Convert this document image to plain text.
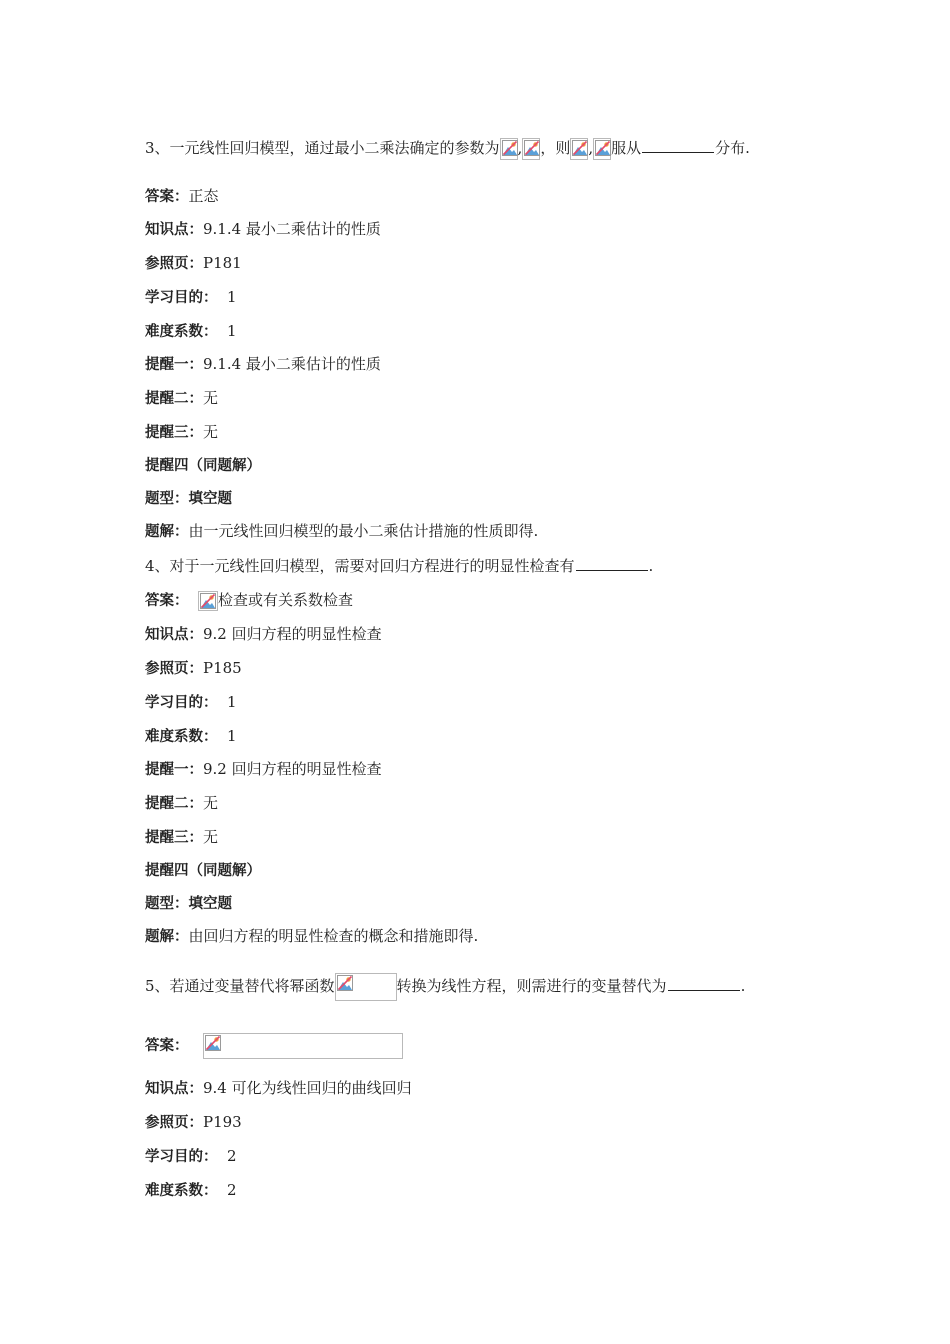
3、一元线性回归模型，通过最小二乘法确定的参数为 , ，则 , 服从	分布.
答案：正态
知识点：9.1.4 最小二乘估计的性质
参照页：P181
学习目的： 1
难度系数： 1
提醒一：9.1.4 最小二乘估计的性质
提醒二：无
提醒三：无
提醒四（同题解）
题型：填空题
题解：由一元线性回归模型的最小二乘估计措施的性质即得.
4、对于一元线性回归模型，需要对回归方程进行的明显性检查有	.
答案： 检查或有关系数检查
知识点：9.2 回归方程的明显性检查
参照页：P185
学习目的： 1
难度系数： 1
提醒一：9.2 回归方程的明显性检查
提醒二：无
提醒三：无
提醒四（同题解）
题型：填空题
题解：由回归方程的明显性检查的概念和措施即得.
5、若通过变量替代将幂函数	转换为线性方程，则需进行的变量替代为	.
答案：
知识点：9.4 可化为线性回归的曲线回归
参照页：P193
学习目的： 2
难度系数： 2
